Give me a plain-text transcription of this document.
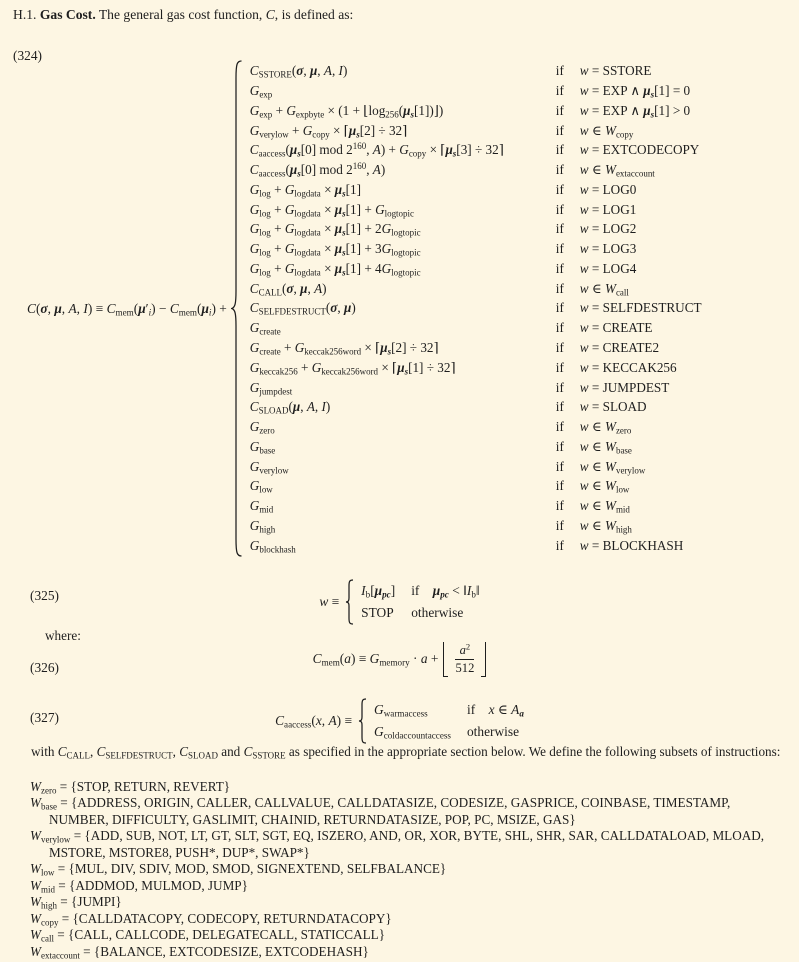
H.1. Gas Cost. The general gas cost function, C, is defined as:
(324)
C(σ, μ, A, $I) \equiv C_{mem}(\mu'_i) - C_{mem}(\mu_i)$ +
$C_{SSTORE}(\sigma$, μ, A, I)	if	w = SSTORE
$G_{exp}$	if	w = EXP ∧ $\mu_s[1] = 0$
$G_{exp} + G_{expbyte} \times (1$ + $⌊\log_{256}(\mu_s[1])⌋$)	if	w = EXP ∧ $\mu_s[1] > 0$
$G_{verylow} + G_{copy}$ × $⌈\mu_s[2]$ ÷ 32⌉	if	w ∈ $W_{copy}$
$C_{aaccess}(\mu_s[0]$ mod $2^{160}$, $A) + G_{copy}$ × $⌈\mu_s[3]$ ÷ 32⌉	if	w = EXTCODECOPY
$C_{aaccess}(\mu_s[0]$ mod $2^{160}$, A)	if	w ∈ $W_{extaccount}$
$G_{log} + G_{logdata} \times \mu_s[1]$	if	w = LOG0
$G_{log} + G_{logdata} \times \mu_s[1] + G_{logtopic}$	if	w = LOG1
$G_{log} + G_{logdata} \times \mu_s[1] + 2G_{logtopic}$	if	w = LOG2
$G_{log} + G_{logdata} \times \mu_s[1] + 3G_{logtopic}$	if	w = LOG3
$G_{log} + G_{logdata} \times \mu_s[1] + 4G_{logtopic}$	if	w = LOG4
$C_{CALL}(\sigma$, μ, A)	if	w ∈ $W_{call}$
$C_{SELFDESTRUCT}(\sigma$, μ)	if	w = SELFDESTRUCT
$G_{create}$	if	w = CREATE
$G_{create} + G_{keccak256word}$ × $⌈\mu_s[2]$ ÷ 32⌉	if	w = CREATE2
$G_{keccak256} + G_{keccak256word}$ × $⌈\mu_s[1]$ ÷ 32⌉	if	w = KECCAK256
$G_{jumpdest}$	if	w = JUMPDEST
$C_{SLOAD}(\mu$, A, I)	if	w = SLOAD
$G_{zero}$	if	w ∈ $W_{zero}$
$G_{base}$	if	w ∈ $W_{base}$
$G_{verylow}$	if	w ∈ $W_{verylow}$
$G_{low}$	if	w ∈ $W_{low}$
$G_{mid}$	if	w ∈ $W_{mid}$
$G_{high}$	if	w ∈ $W_{high}$
$G_{blockhash}$	if	w = BLOCKHASH
(325)	w ≡
$I_b[\mu_{pc}]$ if $\mu_{pc}$ < $‖I_b‖$
STOP otherwise
where:
(326)
$C_{mem}(a) \equiv G_{memory} \cdot a + \frac{a^2}{512}$
(327)	$C_{aaccess}(x$, A) ≡
$G_{warmaccess}$	if x ∈ $A_a$
$G_{coldaccountaccess}$ otherwise
with $C_{CALL}$, $C_{SELFDESTRUCT}$, $C_{SLOAD}$ and $C_{SSTORE}$ as specified in the appropriate section below. We define the following subsets of instructions:
$W_{zero}$ = {STOP, RETURN, REVERT}
$W_{base}$ = {ADDRESS, ORIGIN, CALLER, CALLVALUE, CALLDATASIZE, CODESIZE, GASPRICE, COINBASE, TIMESTAMP, NUMBER, DIFFICULTY, GASLIMIT, CHAINID, RETURNDATASIZE, POP, PC, MSIZE, GAS}
$W_{verylow} = \{ADD$, SUB, NOT, LT, GT, SLT, SGT, EQ, ISZERO, AND, OR, XOR, BYTE, SHL, SHR, SAR, CALLDATALOAD, MLOAD, MSTORE, MSTORE8, PUSH*, DUP*, SWAP*}
$W_{low} = \{MUL$, DIV, SDIV, MOD, SMOD, SIGNEXTEND, SELFBALANCE}
$W_{mid}$ = {ADDMOD, MULMOD, JUMP}
$W_{high}$ = {JUMPI}
$W_{copy}$ = {CALLDATACOPY, CODECOPY, RETURNDATACOPY}
$W_{call}$ = {CALL, CALLCODE, DELEGATECALL, STATICCALL}
$W_{extaccount}$ = {BALANCE, EXTCODESIZE, EXTCODEHASH}
